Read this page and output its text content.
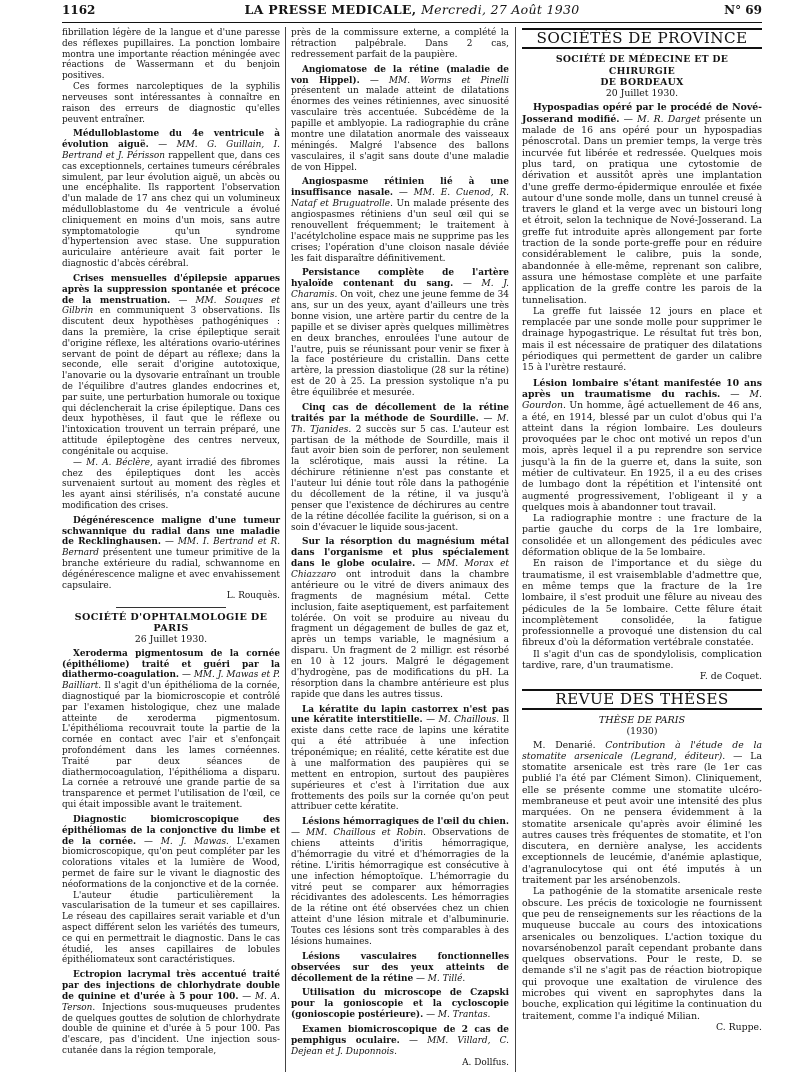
1162	LA PRESSE MEDICALE, Mercredi, 27 Août 1930	N° 69

fibrillation légère de la langue et d'une paresse des réflexes pupillaires. La ponction lombaire montra une importante réaction méningée avec réactions de Wassermann et du benjoin positives.

Ces formes narcoleptiques de la syphilis nerveuses sont intéressantes à connaître en raison des erreurs de diagnostic qu'elles peuvent entraîner.

Médulloblastome du 4e ventricule à évolution aiguë. — MM. G. Guillain, I. Bertrand et J. Périsson rappellent que, dans ces cas exceptionnels, certaines tumeurs cérébrales simulent, par leur évolution aiguë, un abcès ou une encéphalite. Ils rapportent l'observation d'un malade de 17 ans chez qui un volumineux médulloblastome du 4e ventricule a évolué cliniquement en moins d'un mois, sans autre symptomatologie qu'un syndrome d'hypertension avec stase. Une suppuration auriculaire antérieure avait fait porter le diagnostic d'abcès cérébral.

Crises mensuelles d'épilepsie apparues après la suppression spontanée et précoce de la menstruation. — MM. Souques et Gilbrin en communiquent 3 observations. Ils discutent deux hypothèses pathogéniques : dans la première, la crise épileptique serait d'origine réflexe, les altérations ovario-utérines servant de point de départ au réflexe; dans la seconde, elle serait d'origine autotoxique, l'anovarie ou la dysovarie entraînant un trouble de l'équilibre d'autres glandes endocrines et, par suite, une perturbation humorale ou toxique qui déclencherait la crise épileptique. Dans ces deux hypothèses, il faut que le réflexe ou l'intoxication trouvent un terrain préparé, une attitude épileptogène des centres nerveux, congénitale ou acquise.

— M. A. Béclère, ayant irradié des fibromes chez des épileptiques dont les accès survenaient surtout au moment des règles et les ayant ainsi stérilisés, n'a constaté aucune modification des crises.

Dégénérescence maligne d'une tumeur schwannique du radial dans une maladie de Recklinghausen. — MM. I. Bertrand et R. Bernard présentent une tumeur primitive de la branche extérieure du radial, schwannome en dégénérescence maligne et avec envahissement capsulaire.

L. Rouquès.

SOCIÉTÉ D'OPHTALMOLOGIE DE PARIS
26 Juillet 1930.

Xeroderma pigmentosum de la cornée (épithéliome) traité et guéri par la diathermo-coagulation. — MM. J. Mawas et P. Bailliart. Il s'agit d'un épithélioma de la cornée, diagnostiqué par la biomicroscopie et contrôlé par l'examen histologique, chez une malade atteinte de xeroderma pigmentosum. L'épithélioma recouvrait toute la partie de la cornée en contact avec l'air et s'enfonçait profondément dans les lames cornéennes. Traité par deux séances de diathermocoagulation, l'épithélioma a disparu. La cornée a retrouvé une grande partie de sa transparence et permet l'utilisation de l'œil, ce qui était impossible avant le traitement.

Diagnostic biomicroscopique des épithéliomas de la conjonctive du limbe et de la cornée. — M. J. Mawas. L'examen biomicroscopique, qu'on peut compléter par les colorations vitales et la lumière de Wood, permet de faire sur le vivant le diagnostic des néoformations de la conjonctive et de la cornée.

L'auteur étudie particulièrement la vascularisation de la tumeur et ses capillaires. Le réseau des capillaires serait variable et d'un aspect différent selon les variétés des tumeurs, ce qui en permettrait le diagnostic. Dans le cas étudié, les anses capillaires de lobules épithéliomateux sont caractéristiques.

Ectropion lacrymal très accentué traité par des injections de chlorhydrate double de quinine et d'urée à 5 pour 100. — M. A. Terson. Injections sous-muqueuses prudentes de quelques gouttes de solution de chlorhydrate double de quinine et d'urée à 5 pour 100. Pas d'escare, pas d'incident. Une injection sous-cutanée dans la région temporale,

près de la commissure externe, a complété la rétraction palpébrale. Dans 2 cas, redressement parfait de la paupière.

Angiomatose de la rétine (maladie de von Hippel). — MM. Worms et Pinelli présentent un malade atteint de dilatations énormes des veines rétiniennes, avec sinuosité vasculaire très accentuée. Subcédème de la papille et amblyopie. La radiographie du crâne montre une dilatation anormale des vaisseaux méningés. Malgré l'absence des ballons vasculaires, il s'agit sans doute d'une maladie de von Hippel.

Angiospasme rétinien lié à une insuffisance nasale. — MM. E. Cuenod, R. Nataf et Bruguatrolle. Un malade présente des angiospasmes rétiniens d'un seul œil qui se renouvellent fréquemment; le traitement à l'acétylcholine espace mais ne supprime pas les crises; l'opération d'une cloison nasale déviée les fait disparaître définitivement.

Persistance complète de l'artère hyaloïde contenant du sang. — M. J. Charamis. On voit, chez une jeune femme de 34 ans, sur un des yeux, ayant d'ailleurs une très bonne vision, une artère partir du centre de la papille et se diviser après quelques millimètres en deux branches, enroulées l'une autour de l'autre, puis se réunissant pour venir se fixer à la face postérieure du cristallin. Dans cette artère, la pression diastolique (28 sur la rétine) est de 20 à 25. La pression systolique n'a pu être équilibrée et mesurée.

Cinq cas de décollement de la rétine traités par la méthode de Sourdille. — M. Th. Tjanides. 2 succès sur 5 cas. L'auteur est partisan de la méthode de Sourdille, mais il faut avoir bien soin de perforer, non seulement la sclérotique, mais aussi la rétine. La déchirure rétinienne n'est pas constante et l'auteur lui dénie tout rôle dans la pathogénie du décollement de la rétine, il va jusqu'à penser que l'existence de déchirures au centre de la rétine décollée facilite la guérison, si on a soin d'évacuer le liquide sous-jacent.

Sur la résorption du magnésium métal dans l'organisme et plus spécialement dans le globe oculaire. — MM. Morax et Chiazzaro ont introduit dans la chambre antérieure ou le vitré de divers animaux des fragments de magnésium métal. Cette inclusion, faite aseptiquement, est parfaitement tolérée. On voit se produire au niveau du fragment un dégagement de bulles de gaz et, après un temps variable, le magnésium a disparu. Un fragment de 2 milligr. est résorbé en 10 à 12 jours. Malgré le dégagement d'hydrogène, pas de modifications du pH. La résorption dans la chambre antérieure est plus rapide que dans les autres tissus.

La kératite du lapin castorrex n'est pas une kératite interstitielle. — M. Chaillous. Il existe dans cette race de lapins une kératite qui a été attribuée à une infection tréponémique; en réalité, cette kératite est due à une malformation des paupières qui se mettent en entropion, surtout des paupières supérieures et c'est à l'irritation due aux frottements des poils sur la cornée qu'on peut attribuer cette kératite.

Lésions hémorragiques de l'œil du chien. — MM. Chaillous et Robin. Observations de chiens atteints d'iritis hémorragique, d'hémorragie du vitré et d'hémorragies de la rétine. L'iritis hémorragique est consécutive à une infection hémoptoïque. L'hémorragie du vitré peut se comparer aux hémorragies récidivantes des adolescents. Les hémorragies de la rétine ont été observées chez un chien atteint d'une lésion mitrale et d'albuminurie. Toutes ces lésions sont très comparables à des lésions humaines.

Lésions vasculaires fonctionnelles observées sur des yeux atteints de décollement de la rétine — M. Tillé.

Utilisation du microscope de Czapski pour la gonioscopie et la cycloscopie (gonioscopie postérieure). — M. Trantas.

Examen biomicroscopique de 2 cas de pemphigus oculaire. — MM. Villard, C. Dejean et J. Duponnois.

A. Dollfus.

SOCIÉTÉS DE PROVINCE
SOCIÉTÉ DE MÉDECINE ET DE CHIRURGIE
DE BORDEAUX
20 Juillet 1930.

Hypospadias opéré par le procédé de Nové-Josserand modifié. — M. R. Darget présente un malade de 16 ans opéré pour un hypospadias pénoscrotal. Dans un premier temps, la verge très incurvée fut libérée et redressée. Quelques mois plus tard, on pratiqua une cytostomie de dérivation et aussitôt après une implantation d'une greffe dermo-épidermique enroulée et fixée autour d'une sonde molle, dans un tunnel creusé à travers le gland et la verge avec un bistouri long et étroit, selon la technique de Nové-Josserand. La greffe fut introduite après allongement par forte traction de la sonde porte-greffe pour en réduire considérablement le calibre, puis la sonde, abandonnée à elle-même, reprenant son calibre, assura une hémostase complète et une parfaite application de la greffe contre les parois de la tunnelisation.

La greffe fut laissée 12 jours en place et remplacée par une sonde molle pour supprimer le drainage hypogastrique. Le résultat fut très bon, mais il est nécessaire de pratiquer des dilatations périodiques qui permettent de garder un calibre 15 à l'urètre restauré.

Lésion lombaire s'étant manifestée 10 ans après un traumatisme du rachis. — M. Gourdon. Un homme, âgé actuellement de 46 ans, a été, en 1914, blessé par un culot d'obus qui l'a atteint dans la région lombaire. Les douleurs provoquées par le choc ont motivé un repos d'un mois, après lequel il a pu reprendre son service jusqu'à la fin de la guerre et, dans la suite, son métier de cultivateur. En 1925, il a eu des crises de lumbago dont la répétition et l'intensité ont augmenté progressivement, l'obligeant il y a quelques mois à abandonner tout travail.

La radiographie montre : une fracture de la partie gauche du corps de la 1re lombaire, consolidée et un allongement des pédicules avec déformation oblique de la 5e lombaire.

En raison de l'importance et du siège du traumatisme, il est vraisemblable d'admettre que, en même temps que la fracture de la 1re lombaire, il s'est produit une fêlure au niveau des pédicules de la 5e lombaire. Cette fêlure était incomplètement consolidée, la fatigue professionnelle a provoqué une distension du cal fibreux d'où la déformation vertébrale constatée.

Il s'agit d'un cas de spondylolisis, complication tardive, rare, d'un traumatisme.

F. de Coquet.

REVUE DES THÈSES
THÈSE DE PARIS
(1930)

M. Denarié. Contribution à l'étude de la stomatite arsenicale (Legrand, éditeur). — La stomatite arsenicale est très rare (le 1er cas publié l'a été par Clément Simon). Cliniquement, elle se présente comme une stomatite ulcéro-membraneuse et peut avoir une intensité des plus marquées. On ne pensera évidemment à la stomatite arsenicale qu'après avoir éliminé les autres causes très fréquentes de stomatite, et l'on discutera, en dernière analyse, les accidents exceptionnels de leucémie, d'anémie aplastique, d'agranulocytose qui ont été imputés à un traitement par les arsénobenzols.

La pathogénie de la stomatite arsenicale reste obscure. Les précis de toxicologie ne fournissent que peu de renseignements sur les réactions de la muqueuse buccale au cours des intoxications arsenicales ou benzoliques. L'action toxique du novarsénobenzol paraît cependant probante dans quelques observations. Pour le reste, D. se demande s'il ne s'agit pas de réaction biotropique qui provoque une exaltation de virulence des microbes qui vivent en saprophytes dans la bouche, explication qui légitime la continuation du traitement, comme l'a indiqué Milian.

C. Ruppe.
